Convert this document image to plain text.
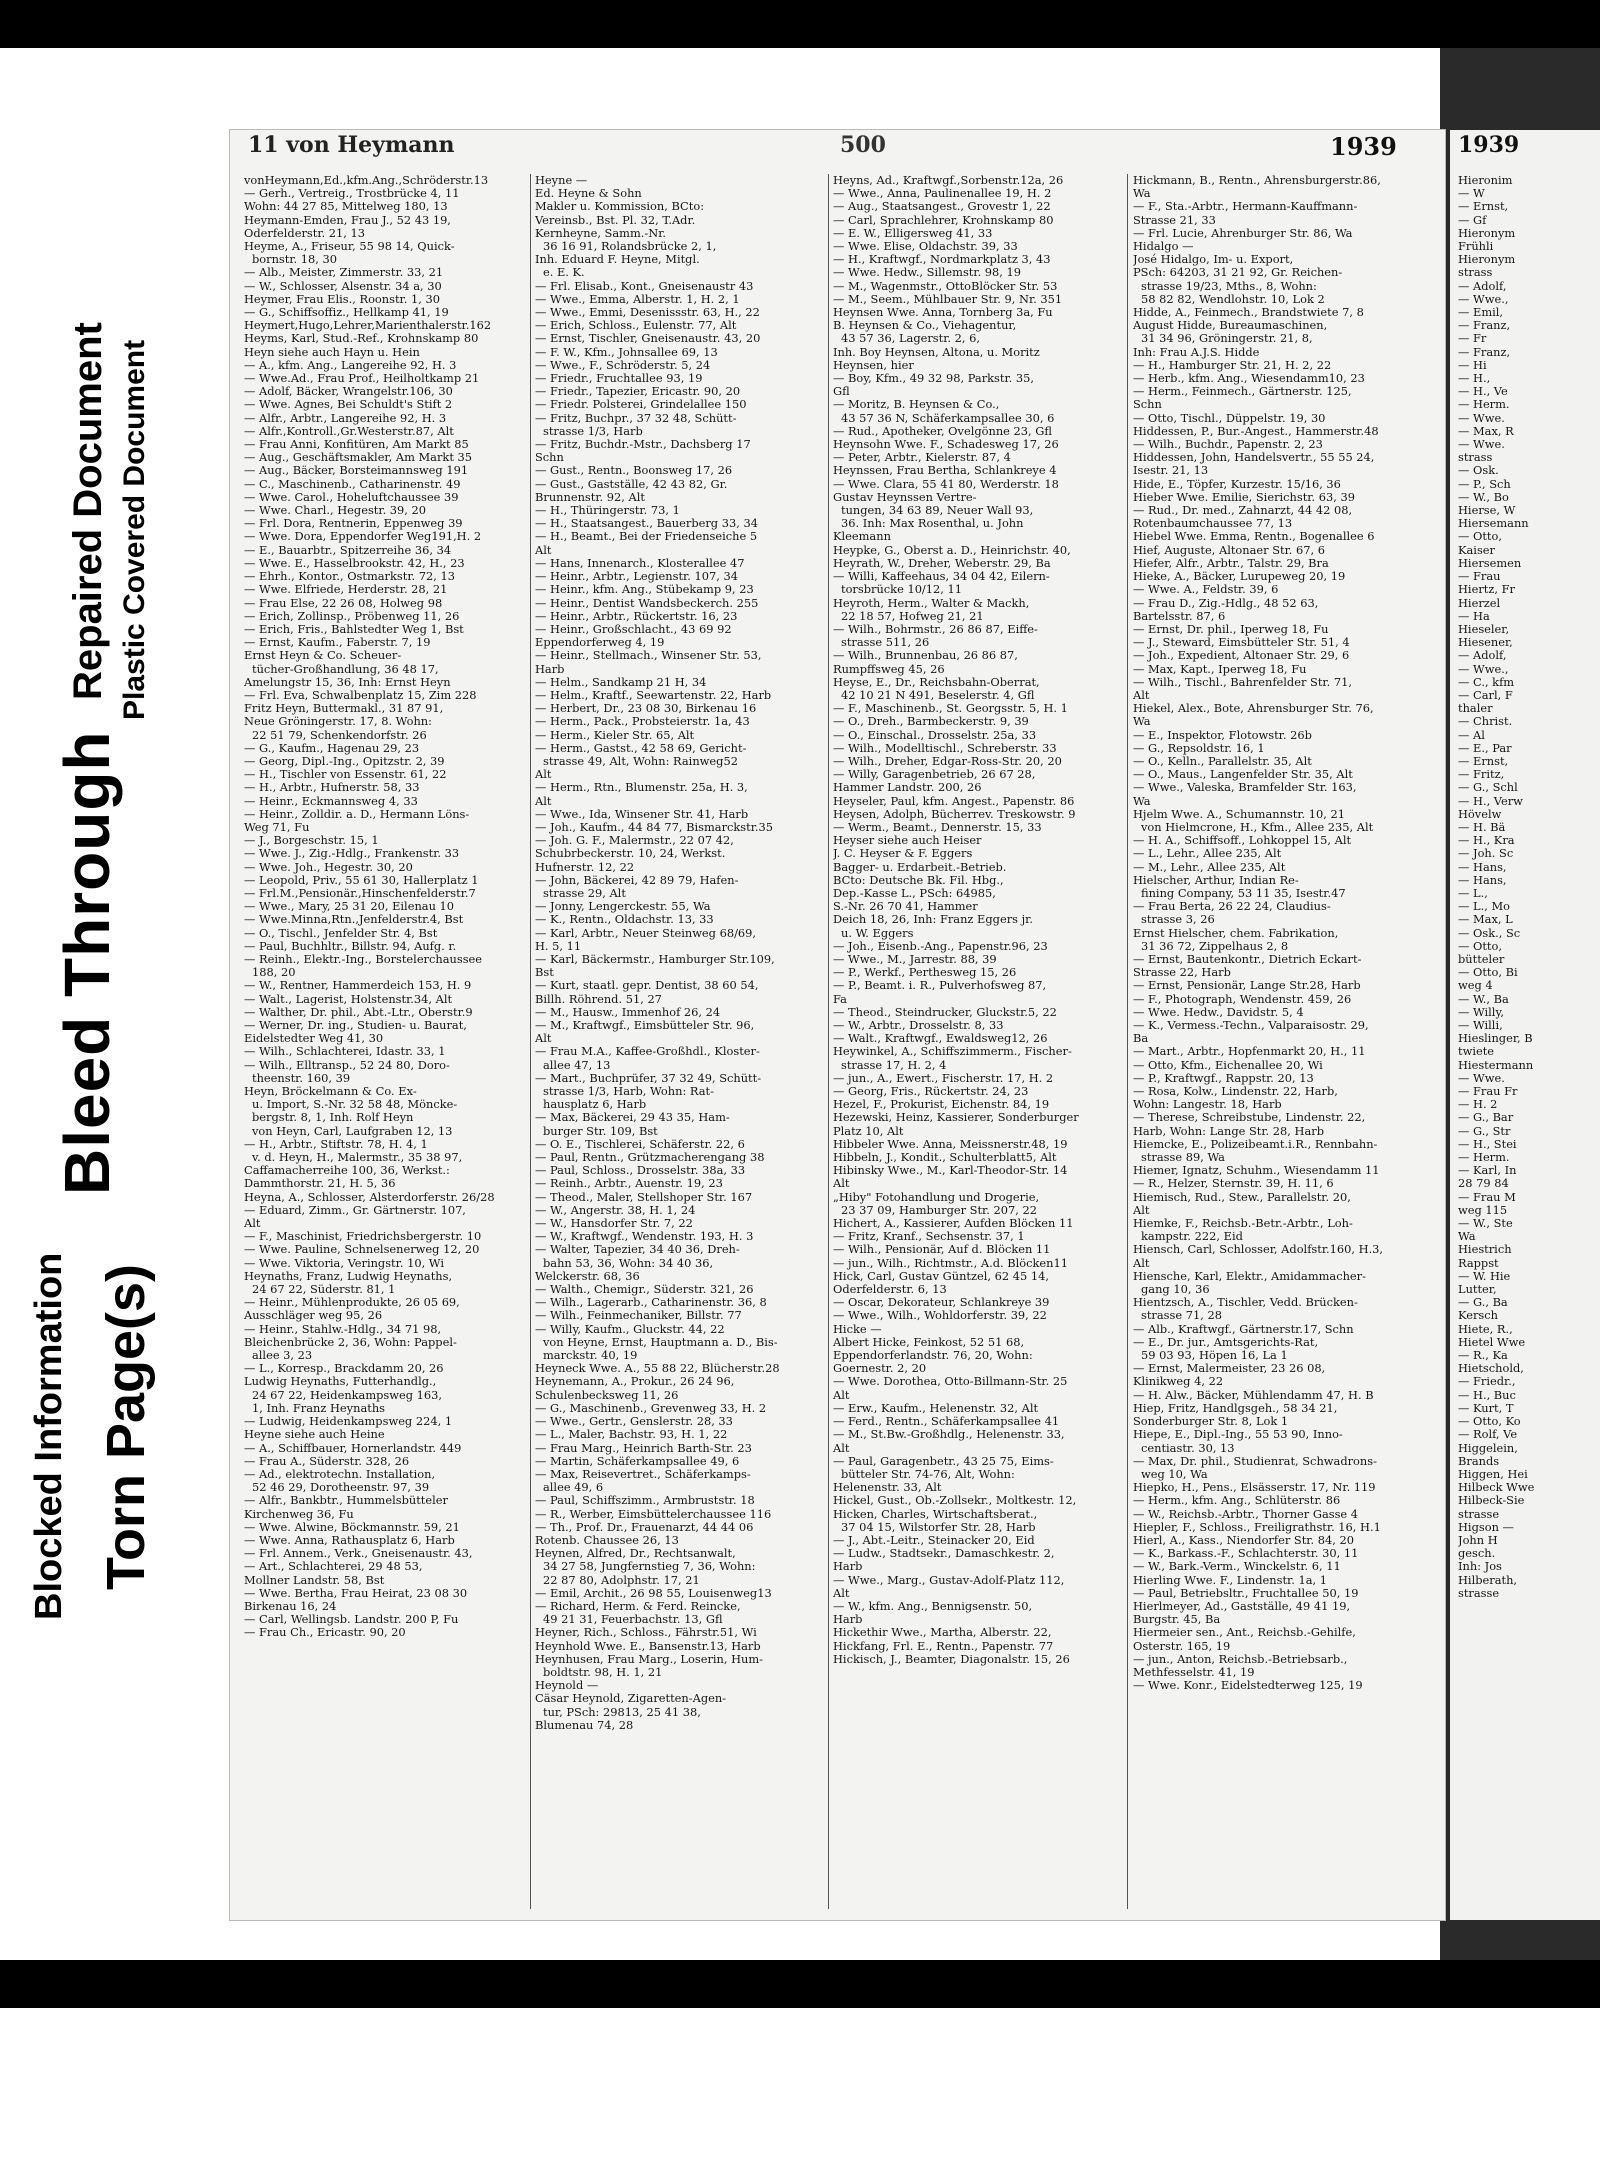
Blocked Information Torn Page(s)
Bleed Through
Repaired Document Plastic Covered Document
11 von Heymann	500	1939

vonHeymann,Ed.,kfm.Ang.,Schröderstr.13

— Gerh., Vertreig., Trostbrücke 4, 11

Wohn: 44 27 85, Mittelweg 180, 13

Heymann-Emden, Frau J., 52 43 19,

Oderfelderstr. 21, 13

Heyme, A., Friseur, 55 98 14, Quick-

bornstr. 18, 30

— Alb., Meister, Zimmerstr. 33, 21

— W., Schlosser, Alsenstr. 34 a, 30

Heymer, Frau Elis., Roonstr. 1, 30

— G., Schiffsoffiz., Hellkamp 41, 19

Heymert,Hugo,Lehrer,Marienthalerstr.162

Heyms, Karl, Stud.-Ref., Krohnskamp 80

Heyn siehe auch Hayn u. Hein

— A., kfm. Ang., Langereihe 92, H. 3

— Wwe.Ad., Frau Prof., Heilholtkamp 21

— Adolf, Bäcker, Wrangelstr.106, 30

— Wwe. Agnes, Bei Schuldt's Stift 2

— Alfr., Arbtr., Langereihe 92, H. 3

— Alfr.,Kontroll.,Gr.Westerstr.87, Alt

— Frau Anni, Konfitüren, Am Markt 85

— Aug., Geschäftsmakler, Am Markt 35

— Aug., Bäcker, Borsteimannsweg 191

— C., Maschinenb., Catharinenstr. 49

— Wwe. Carol., Hoheluftchaussee 39

— Wwe. Charl., Hegestr. 39, 20

— Frl. Dora, Rentnerin, Eppenweg 39

— Wwe. Dora, Eppendorfer Weg191,H. 2

— E., Bauarbtr., Spitzerreihe 36, 34

— Wwe. E., Hasselbrookstr. 42, H., 23

— Ehrh., Kontor., Ostmarkstr. 72, 13

— Wwe. Elfriede, Herderstr. 28, 21

— Frau Else, 22 26 08, Holweg 98

— Erich, Zollinsp., Pröbenweg 11, 26

— Erich, Fris., Bahlstedter Weg 1, Bst

— Ernst, Kaufm., Faberstr. 7, 19

Ernst Heyn & Co. Scheuer-

tücher-Großhandlung, 36 48 17,

Amelungstr 15, 36, Inh: Ernst Heyn

— Frl. Eva, Schwalbenplatz 15, Zim 228

Fritz Heyn, Buttermakl., 31 87 91,

Neue Gröningerstr. 17, 8. Wohn:

22 51 79, Schenkendorfstr. 26

— G., Kaufm., Hagenau 29, 23

— Georg, Dipl.-Ing., Opitzstr. 2, 39

— H., Tischler von Essenstr. 61, 22

— H., Arbtr., Hufnerstr. 58, 33

— Heinr., Eckmannsweg 4, 33

— Heinr., Zolldir. a. D., Hermann Löns-

Weg 71, Fu

— J., Borgeschstr. 15, 1

— Wwe. J., Zig.-Hdlg., Frankenstr. 33

— Wwe. Joh., Hegestr. 30, 20

— Leopold, Priv., 55 61 30, Hallerplatz 1

— Frl.M.,Pensionär.,Hinschenfelderstr.7

— Wwe., Mary, 25 31 20, Eilenau 10

— Wwe.Minna,Rtn.,Jenfelderstr.4, Bst

— O., Tischl., Jenfelder Str. 4, Bst

— Paul, Buchhltr., Billstr. 94, Aufg. r.

— Reinh., Elektr.-Ing., Borstelerchaussee

188, 20

— W., Rentner, Hammerdeich 153, H. 9

— Walt., Lagerist, Holstenstr.34, Alt

— Walther, Dr. phil., Abt.-Ltr., Oberstr.9

— Werner, Dr. ing., Studien- u. Baurat,

Eidelstedter Weg 41, 30

— Wilh., Schlachterei, Idastr. 33, 1

— Wilh., Elltransp., 52 24 80, Doro-

theenstr. 160, 39

Heyn, Bröckelmann & Co. Ex-

u. Import, S.-Nr. 32 58 48, Möncke-

bergstr. 8, 1, Inh. Rolf Heyn

von Heyn, Carl, Laufgraben 12, 13

— H., Arbtr., Stiftstr. 78, H. 4, 1

v. d. Heyn, H., Malermstr., 35 38 97,

Caffamacherreihe 100, 36, Werkst.:

Dammthorstr. 21, H. 5, 36

Heyna, A., Schlosser, Alsterdorferstr. 26/28

— Eduard, Zimm., Gr. Gärtnerstr. 107,

Alt

— F., Maschinist, Friedrichsbergerstr. 10

— Wwe. Pauline, Schnelsenerweg 12, 20

— Wwe. Viktoria, Veringstr. 10, Wi

Heynaths, Franz, Ludwig Heynaths,

24 67 22, Süderstr. 81, 1

— Heinr., Mühlenprodukte, 26 05 69,

Ausschläger weg 95, 26

— Heinr., Stahlw.-Hdlg., 34 71 98,

Bleichenbrücke 2, 36, Wohn: Pappel-

allee 3, 23

— L., Korresp., Brackdamm 20, 26

Ludwig Heynaths, Futterhandlg.,

24 67 22, Heidenkampsweg 163,

1, Inh. Franz Heynaths

— Ludwig, Heidenkampsweg 224, 1

Heyne siehe auch Heine

— A., Schiffbauer, Hornerlandstr. 449

— Frau A., Süderstr. 328, 26

— Ad., elektrotechn. Installation,

52 46 29, Dorotheenstr. 97, 39

— Alfr., Bankbtr., Hummelsbütteler

Kirchenweg 36, Fu

— Wwe. Alwine, Böckmannstr. 59, 21

— Wwe. Anna, Rathausplatz 6, Harb

— Frl. Annem., Verk., Gneisenaustr. 43,

— Art., Schlachterei, 29 48 53,

Mollner Landstr. 58, Bst

— Wwe. Bertha, Frau Heirat, 23 08 30

Birkenau 16, 24

— Carl, Wellingsb. Landstr. 200 P, Fu

— Frau Ch., Ericastr. 90, 20

Heyne —

Ed. Heyne & Sohn

Makler u. Kommission, BCto:

Vereinsb., Bst. Pl. 32, T.Adr.

Kernheyne, Samm.-Nr.

36 16 91, Rolandsbrücke 2, 1,

Inh. Eduard F. Heyne, Mitgl.

e. E. K.

— Frl. Elisab., Kont., Gneisenaustr 43

— Wwe., Emma, Alberstr. 1, H. 2, 1

— Wwe., Emmi, Desenissstr. 63, H., 22

— Erich, Schloss., Eulenstr. 77, Alt

— Ernst, Tischler, Gneisenaustr. 43, 20

— F. W., Kfm., Johnsallee 69, 13

— Wwe., F., Schröderstr. 5, 24

— Friedr., Fruchtallee 93, 19

— Friedr., Tapezier, Ericastr. 90, 20

— Friedr. Polsterei, Grindelallee 150

— Fritz, Buchpr., 37 32 48, Schütt-

strasse 1/3, Harb

— Fritz, Buchdr.-Mstr., Dachsberg 17

Schn

— Gust., Rentn., Boonsweg 17, 26

— Gust., Gastställe, 42 43 82, Gr.

Brunnenstr. 92, Alt

— H., Thüringerstr. 73, 1

— H., Staatsangest., Bauerberg 33, 34

— H., Beamt., Bei der Friedenseiche 5

Alt

— Hans, Innenarch., Klosterallee 47

— Heinr., Arbtr., Legienstr. 107, 34

— Heinr., kfm. Ang., Stübekamp 9, 23

— Heinr., Dentist Wandsbeckerch. 255

— Heinr., Arbtr., Rückertstr. 16, 23

— Heinr., Großschlacht., 43 69 92

Eppendorferweg 4, 19

— Heinr., Stellmach., Winsener Str. 53,

Harb

— Helm., Sandkamp 21 H, 34

— Helm., Kraftf., Seewartenstr. 22, Harb

— Herbert, Dr., 23 08 30, Birkenau 16

— Herm., Pack., Probsteierstr. 1a, 43

— Herm., Kieler Str. 65, Alt

— Herm., Gastst., 42 58 69, Gericht-

strasse 49, Alt, Wohn: Rainweg52

Alt

— Herm., Rtn., Blumenstr. 25a, H. 3,

Alt

— Wwe., Ida, Winsener Str. 41, Harb

— Joh., Kaufm., 44 84 77, Bismarckstr.35

— Joh. G. F., Malermstr., 22 07 42,

Schubrbeckerstr. 10, 24, Werkst.

Hufnerstr. 12, 22

— John, Bäckerei, 42 89 79, Hafen-

strasse 29, Alt

— Jonny, Lengerckestr. 55, Wa

— K., Rentn., Oldachstr. 13, 33

— Karl, Arbtr., Neuer Steinweg 68/69,

H. 5, 11

— Karl, Bäckermstr., Hamburger Str.109,

Bst

— Kurt, staatl. gepr. Dentist, 38 60 54,

Billh. Röhrend. 51, 27

— M., Hausw., Immenhof 26, 24

— M., Kraftwgf., Eimsbütteler Str. 96,

Alt

— Frau M.A., Kaffee-Großhdl., Kloster-

allee 47, 13

— Mart., Buchprüfer, 37 32 49, Schütt-

strasse 1/3, Harb, Wohn: Rat-

hausplatz 6, Harb

— Max, Bäckerei, 29 43 35, Ham-

burger Str. 109, Bst

— O. E., Tischlerei, Schäferstr. 22, 6

— Paul, Rentn., Grützmacherengang 38

— Paul, Schloss., Drosselstr. 38a, 33

— Reinh., Arbtr., Auenstr. 19, 23

— Theod., Maler, Stellshoper Str. 167

— W., Angerstr. 38, H. 1, 24

— W., Hansdorfer Str. 7, 22

— W., Kraftwgf., Wendenstr. 193, H. 3

— Walter, Tapezier, 34 40 36, Dreh-

bahn 53, 36, Wohn: 34 40 36,

Welckerstr. 68, 36

— Walth., Chemigr., Süderstr. 321, 26

— Wilh., Lagerarb., Catharinenstr. 36, 8

— Wilh., Feinmechaniker, Billstr. 77

— Willy, Kaufm., Gluckstr. 44, 22

von Heyne, Ernst, Hauptmann a. D., Bis-

marckstr. 40, 19

Heyneck Wwe. A., 55 88 22, Blücherstr.28

Heynemann, A., Prokur., 26 24 96,

Schulenbecksweg 11, 26

— G., Maschinenb., Grevenweg 33, H. 2

— Wwe., Gertr., Genslerstr. 28, 33

— L., Maler, Bachstr. 93, H. 1, 22

— Frau Marg., Heinrich Barth-Str. 23

— Martin, Schäferkampsallee 49, 6

— Max, Reisevertret., Schäferkamps-

allee 49, 6

— Paul, Schiffszimm., Armbruststr. 18

— R., Werber, Eimsbüttelerchaussee 116

— Th., Prof. Dr., Frauenarzt, 44 44 06

Rotenb. Chaussee 26, 13

Heynen, Alfred, Dr., Rechtsanwalt,

34 27 58, Jungfernstieg 7, 36, Wohn:

22 87 80, Adolphstr. 17, 21

— Emil, Archit., 26 98 55, Louisenweg13

— Richard, Herm. & Ferd. Reincke,

49 21 31, Feuerbachstr. 13, Gfl

Heyner, Rich., Schloss., Fährstr.51, Wi

Heynhold Wwe. E., Bansenstr.13, Harb

Heynhusen, Frau Marg., Loserin, Hum-

boldtstr. 98, H. 1, 21

Heynold —

Cäsar Heynold, Zigaretten-Agen-

tur, PSch: 29813, 25 41 38,

Blumenau 74, 28

Heyns, Ad., Kraftwgf.,Sorbenstr.12a, 26

— Wwe., Anna, Paulinenallee 19, H. 2

— Aug., Staatsangest., Grovestr 1, 22

— Carl, Sprachlehrer, Krohnskamp 80

— E. W., Elligersweg 41, 33

— Wwe. Elise, Oldachstr. 39, 33

— H., Kraftwgf., Nordmarkplatz 3, 43

— Wwe. Hedw., Sillemstr. 98, 19

— M., Wagenmstr., OttoBlöcker Str. 53

— M., Seem., Mühlbauer Str. 9, Nr. 351

Heynsen Wwe. Anna, Tornberg 3a, Fu

B. Heynsen & Co., Viehagentur,

43 57 36, Lagerstr. 2, 6,

Inh. Boy Heynsen, Altona, u. Moritz

Heynsen, hier

— Boy, Kfm., 49 32 98, Parkstr. 35,

Gfl

— Moritz, B. Heynsen & Co.,

43 57 36 N, Schäferkampsallee 30, 6

— Rud., Apotheker, Ovelgönne 23, Gfl

Heynsohn Wwe. F., Schadesweg 17, 26

— Peter, Arbtr., Kielerstr. 87, 4

Heynssen, Frau Bertha, Schlankreye 4

— Wwe. Clara, 55 41 80, Werderstr. 18

Gustav Heynssen Vertre-

tungen, 34 63 89, Neuer Wall 93,

36. Inh: Max Rosenthal, u. John

Kleemann

Heypke, G., Oberst a. D., Heinrichstr. 40,

Heyrath, W., Dreher, Weberstr. 29, Ba

— Willi, Kaffeehaus, 34 04 42, Eilern-

torsbrücke 10/12, 11

Heyroth, Herm., Walter & Mackh,

22 18 57, Hofweg 21, 21

— Wilh., Bohrmstr., 26 86 87, Eiffe-

strasse 511, 26

— Wilh., Brunnenbau, 26 86 87,

Rumpffsweg 45, 26

Heyse, E., Dr., Reichsbahn-Oberrat,

42 10 21 N 491, Beselerstr. 4, Gfl

— F., Maschinenb., St. Georgsstr. 5, H. 1

— O., Dreh., Barmbeckerstr. 9, 39

— O., Einschal., Drosselstr. 25a, 33

— Wilh., Modelltischl., Schreberstr. 33

— Wilh., Dreher, Edgar-Ross-Str. 20, 20

— Willy, Garagenbetrieb, 26 67 28,

Hammer Landstr. 200, 26

Heyseler, Paul, kfm. Angest., Papenstr. 86

Heysen, Adolph, Bücherrev. Treskowstr. 9

— Werm., Beamt., Dennerstr. 15, 33

Heyser siehe auch Heiser

J. C. Heyser & F. Eggers

Bagger- u. Erdarbeit.-Betrieb.

BCto: Deutsche Bk. Fil. Hbg.,

Dep.-Kasse L., PSch: 64985,

S.-Nr. 26 70 41, Hammer

Deich 18, 26, Inh: Franz Eggers jr.

u. W. Eggers

— Joh., Eisenb.-Ang., Papenstr.96, 23

— Wwe., M., Jarrestr. 88, 39

— P., Werkf., Perthesweg 15, 26

— P., Beamt. i. R., Pulverhofsweg 87,

Fa

— Theod., Steindrucker, Gluckstr.5, 22

— W., Arbtr., Drosselstr. 8, 33

— Walt., Kraftwgf., Ewaldsweg12, 26

Heywinkel, A., Schiffszimmerm., Fischer-

strasse 17, H. 2, 4

— jun., A., Ewert., Fischerstr. 17, H. 2

— Georg, Fris., Rückertstr. 24, 23

Hezel, F., Prokurist, Eichenstr. 84, 19

Hezewski, Heinz, Kassierer, Sonderburger

Platz 10, Alt

Hibbeler Wwe. Anna, Meissnerstr.48, 19

Hibbeln, J., Kondit., Schulterblatt5, Alt

Hibinsky Wwe., M., Karl-Theodor-Str. 14

Alt

„Hiby" Fotohandlung und Drogerie,

23 37 09, Hamburger Str. 207, 22

Hichert, A., Kassierer, Aufden Blöcken 11

— Fritz, Kranf., Sechsenstr. 37, 1

— Wilh., Pensionär, Auf d. Blöcken 11

— jun., Wilh., Richtmstr., A.d. Blöcken11

Hick, Carl, Gustav Güntzel, 62 45 14,

Oderfelderstr. 6, 13

— Oscar, Dekorateur, Schlankreye 39

— Wwe., Wilh., Wohldorferstr. 39, 22

Hicke —

Albert Hicke, Feinkost, 52 51 68,

Eppendorferlandstr. 76, 20, Wohn:

Goernestr. 2, 20

— Wwe. Dorothea, Otto-Billmann-Str. 25

Alt

— Erw., Kaufm., Helenenstr. 32, Alt

— Ferd., Rentn., Schäferkampsallee 41

— M., St.Bw.-Großhdlg., Helenenstr. 33,

Alt

— Paul, Garagenbetr., 43 25 75, Eims-

bütteler Str. 74-76, Alt, Wohn:

Helenenstr. 33, Alt

Hickel, Gust., Ob.-Zollsekr., Moltkestr. 12,

Hicken, Charles, Wirtschaftsberat.,

37 04 15, Wilstorfer Str. 28, Harb

— J., Abt.-Leitr., Steinacker 20, Eid

— Ludw., Stadtsekr., Damaschkestr. 2,

Harb

— Wwe., Marg., Gustav-Adolf-Platz 112,

Alt

— W., kfm. Ang., Bennigsenstr. 50,

Harb

Hickethir Wwe., Martha, Alberstr. 22,

Hickfang, Frl. E., Rentn., Papenstr. 77

Hickisch, J., Beamter, Diagonalstr. 15, 26

Hickmann, B., Rentn., Ahrensburgerstr.86,

Wa

— F., Sta.-Arbtr., Hermann-Kauffmann-

Strasse 21, 33

— Frl. Lucie, Ahrenburger Str. 86, Wa

Hidalgo —

José Hidalgo, Im- u. Export,

PSch: 64203, 31 21 92, Gr. Reichen-

strasse 19/23, Mths., 8, Wohn:

58 82 82, Wendlohstr. 10, Lok 2

Hidde, A., Feinmech., Brandstwiete 7, 8

August Hidde, Bureaumaschinen,

31 34 96, Gröningerstr. 21, 8,

Inh: Frau A.J.S. Hidde

— H., Hamburger Str. 21, H. 2, 22

— Herb., kfm. Ang., Wiesendamm10, 23

— Herm., Feinmech., Gärtnerstr. 125,

Schn

— Otto, Tischl., Düppelstr. 19, 30

Hiddessen, P., Bur.-Angest., Hammerstr.48

— Wilh., Buchdr., Papenstr. 2, 23

Hiddessen, John, Handelsvertr., 55 55 24,

Isestr. 21, 13

Hide, E., Töpfer, Kurzestr. 15/16, 36

Hieber Wwe. Emilie, Sierichstr. 63, 39

— Rud., Dr. med., Zahnarzt, 44 42 08,

Rotenbaumchaussee 77, 13

Hiebel Wwe. Emma, Rentn., Bogenallee 6

Hief, Auguste, Altonaer Str. 67, 6

Hiefer, Alfr., Arbtr., Talstr. 29, Bra

Hieke, A., Bäcker, Lurupeweg 20, 19

— Wwe. A., Feldstr. 39, 6

— Frau D., Zig.-Hdlg., 48 52 63,

Bartelsstr. 87, 6

— Ernst, Dr. phil., Iperweg 18, Fu

— J., Steward, Eimsbütteler Str. 51, 4

— Joh., Expedient, Altonaer Str. 29, 6

— Max, Kapt., Iperweg 18, Fu

— Wilh., Tischl., Bahrenfelder Str. 71,

Alt

Hiekel, Alex., Bote, Ahrensburger Str. 76,

Wa

— E., Inspektor, Flotowstr. 26b

— G., Repsoldstr. 16, 1

— O., Kelln., Parallelstr. 35, Alt

— O., Maus., Langenfelder Str. 35, Alt

— Wwe., Valeska, Bramfelder Str. 163,

Wa

Hjelm Wwe. A., Schumannstr. 10, 21

von Hielmcrone, H., Kfm., Allee 235, Alt

— H. A., Schiffsoff., Lohkoppel 15, Alt

— L., Lehr., Allee 235, Alt

— M., Lehr., Allee 235, Alt

Hielscher, Arthur, Indian Re-

fining Company, 53 11 35, Isestr.47

— Frau Berta, 26 22 24, Claudius-

strasse 3, 26

Ernst Hielscher, chem. Fabrikation,

31 36 72, Zippelhaus 2, 8

— Ernst, Bautenkontr., Dietrich Eckart-

Strasse 22, Harb

— Ernst, Pensionär, Lange Str.28, Harb

— F., Photograph, Wendenstr. 459, 26

— Wwe. Hedw., Davidstr. 5, 4

— K., Vermess.-Techn., Valparaisostr. 29,

Ba

— Mart., Arbtr., Hopfenmarkt 20, H., 11

— Otto, Kfm., Eichenallee 20, Wi

— P., Kraftwgf., Rappstr. 20, 13

— Rosa, Kolw., Lindenstr. 22, Harb,

Wohn: Langestr. 18, Harb

— Therese, Schreibstube, Lindenstr. 22,

Harb, Wohn: Lange Str. 28, Harb

Hiemcke, E., Polizeibeamt.i.R., Rennbahn-

strasse 89, Wa

Hiemer, Ignatz, Schuhm., Wiesendamm 11

— R., Helzer, Sternstr. 39, H. 11, 6

Hiemisch, Rud., Stew., Parallelstr. 20,

Alt

Hiemke, F., Reichsb.-Betr.-Arbtr., Loh-

kampstr. 222, Eid

Hiensch, Carl, Schlosser, Adolfstr.160, H.3,

Alt

Hiensche, Karl, Elektr., Amidammacher-

gang 10, 36

Hientzsch, A., Tischler, Vedd. Brücken-

strasse 71, 28

— Alb., Kraftwgf., Gärtnerstr.17, Schn

— E., Dr. jur., Amtsgerichts-Rat,

59 03 93, Höpen 16, La 1

— Ernst, Malermeister, 23 26 08,

Klinikweg 4, 22

— H. Alw., Bäcker, Mühlendamm 47, H. B

Hiep, Fritz, Handlgsgeh., 58 34 21,

Sonderburger Str. 8, Lok 1

Hiepe, E., Dipl.-Ing., 55 53 90, Inno-

centiastr. 30, 13

— Max, Dr. phil., Studienrat, Schwadrons-

weg 10, Wa

Hiepko, H., Pens., Elsässerstr. 17, Nr. 119

— Herm., kfm. Ang., Schlüterstr. 86

— W., Reichsb.-Arbtr., Thorner Gasse 4

Hiepler, F., Schloss., Freiligrathstr. 16, H.1

Hierl, A., Kass., Niendorfer Str. 84, 20

— K., Barkass.-F., Schlachterstr. 30, 11

— W., Bark.-Verm., Winckelstr. 6, 11

Hierling Wwe. F., Lindenstr. 1a, 1

— Paul, Betriebsltr., Fruchtallee 50, 19

Hierlmeyer, Ad., Gastställe, 49 41 19,

Burgstr. 45, Ba

Hiermeier sen., Ant., Reichsb.-Gehilfe,

Osterstr. 165, 19

— jun., Anton, Reichsb.-Betriebsarb.,

Methfesselstr. 41, 19

— Wwe. Konr., Eidelstedterweg 125, 19

1939

Hieronim

— W

— Ernst,

— Gf

Hieronym

Frühli

Hieronym

strass

— Adolf,

— Wwe.,

— Emil,

— Franz,

— Fr

— Franz,

— Hi

— H.,

— H., Ve

— Herm.

— Wwe.

— Max, R

— Wwe.

strass

— Osk.

— P., Sch

— W., Bo

Hierse, W

Hiersemann

— Otto,

Kaiser

Hiersemen

— Frau

Hiertz, Fr

Hierzel

— Ha

Hieseler,

Hiesener,

— Adolf,

— Wwe.,

— C., kfm

— Carl, F

thaler

— Christ.

— Al

— E., Par

— Ernst,

— Fritz,

— G., Schl

— H., Verw

Hövelw

— H. Bä

— H., Kra

— Joh. Sc

— Hans,

— Hans,

— L.,

— L., Mo

— Max, L

— Osk., Sc

— Otto,

bütteler

— Otto, Bi

weg 4

— W., Ba

— Willy,

— Willi,

Hieslinger, B

twiete

Hiestermann

— Wwe.

— Frau Fr

— H. 2

— G., Bar

— G., Str

— H., Stei

— Herm.

— Karl, In

28 79 84

— Frau M

weg 115

— W., Ste

Wa

Hiestrich

Rappst

— W. Hie

Lutter,

— G., Ba

Kersch

Hiete, R.,

Hietel Wwe

— R., Ka

Hietschold,

— Friedr.,

— H., Buc

— Kurt, T

— Otto, Ko

— Rolf, Ve

Higgelein,

Brands

Higgen, Hei

Hilbeck Wwe

Hilbeck-Sie

strasse

Higson —

John H

gesch.

Inh: Jos

Hilberath,

strasse
